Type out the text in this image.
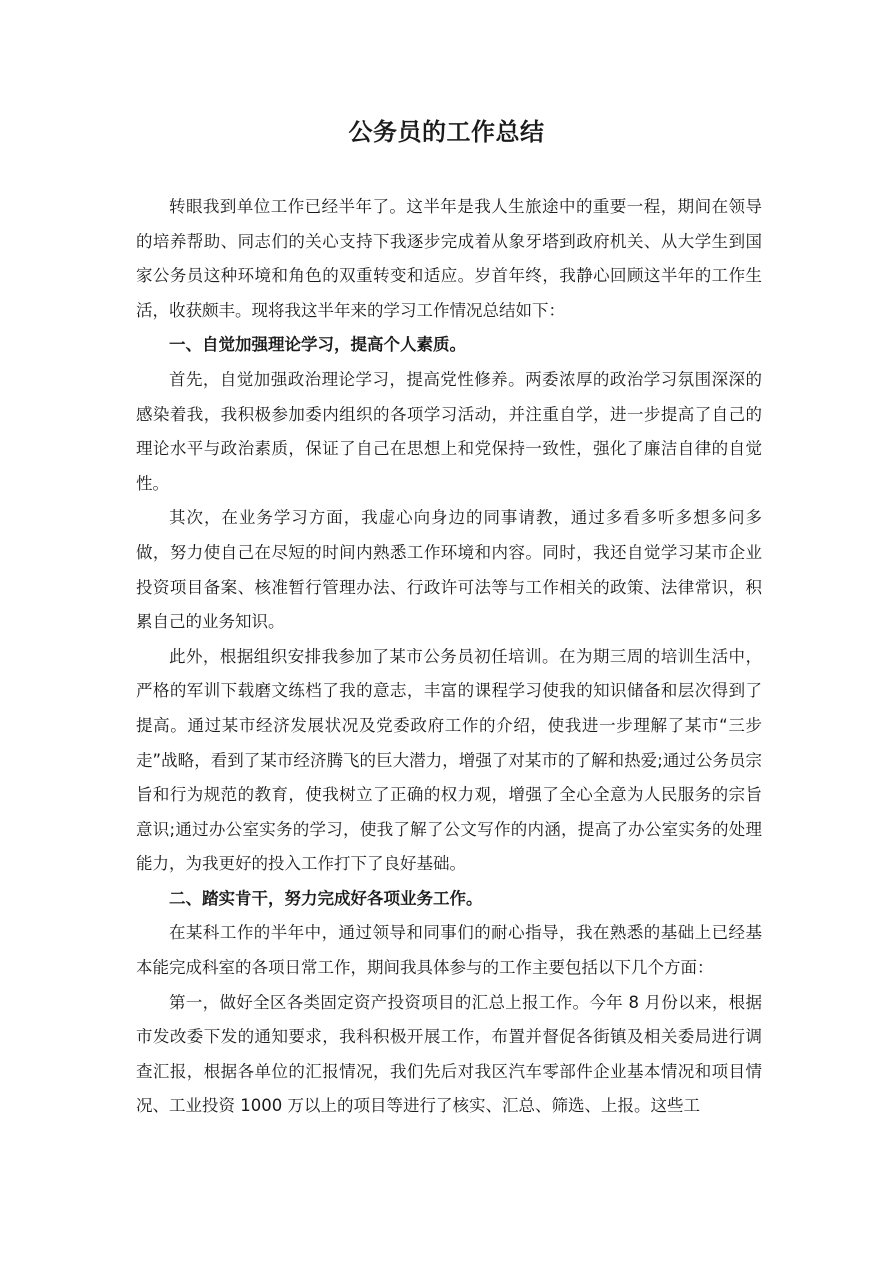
公务员的工作总结

转眼我到单位工作已经半年了。这半年是我人生旅途中的重要一程，期间在领导的培养帮助、同志们的关心支持下我逐步完成着从象牙塔到政府机关、从大学生到国家公务员这种环境和角色的双重转变和适应。岁首年终，我静心回顾这半年的工作生活，收获颇丰。现将我这半年来的学习工作情况总结如下：

一、自觉加强理论学习，提高个人素质。

首先，自觉加强政治理论学习，提高党性修养。两委浓厚的政治学习氛围深深的感染着我，我积极参加委内组织的各项学习活动，并注重自学，进一步提高了自己的理论水平与政治素质，保证了自己在思想上和党保持一致性，强化了廉洁自律的自觉性。

其次，在业务学习方面，我虚心向身边的同事请教，通过多看多听多想多问多做，努力使自己在尽短的时间内熟悉工作环境和内容。同时，我还自觉学习某市企业投资项目备案、核准暂行管理办法、行政许可法等与工作相关的政策、法律常识，积累自己的业务知识。

此外，根据组织安排我参加了某市公务员初任培训。在为期三周的培训生活中，严格的军训下载磨文练档了我的意志，丰富的课程学习使我的知识储备和层次得到了提高。通过某市经济发展状况及党委政府工作的介绍，使我进一步理解了某市“三步走”战略，看到了某市经济腾飞的巨大潜力，增强了对某市的了解和热爱;通过公务员宗旨和行为规范的教育，使我树立了正确的权力观，增强了全心全意为人民服务的宗旨意识;通过办公室实务的学习，使我了解了公文写作的内涵，提高了办公室实务的处理能力，为我更好的投入工作打下了良好基础。

二、踏实肯干，努力完成好各项业务工作。

在某科工作的半年中，通过领导和同事们的耐心指导，我在熟悉的基础上已经基本能完成科室的各项日常工作，期间我具体参与的工作主要包括以下几个方面：

第一，做好全区各类固定资产投资项目的汇总上报工作。今年 8 月份以来，根据市发改委下发的通知要求，我科积极开展工作，布置并督促各街镇及相关委局进行调查汇报，根据各单位的汇报情况，我们先后对我区汽车零部件企业基本情况和项目情况、工业投资 1000 万以上的项目等进行了核实、汇总、筛选、上报。这些工
